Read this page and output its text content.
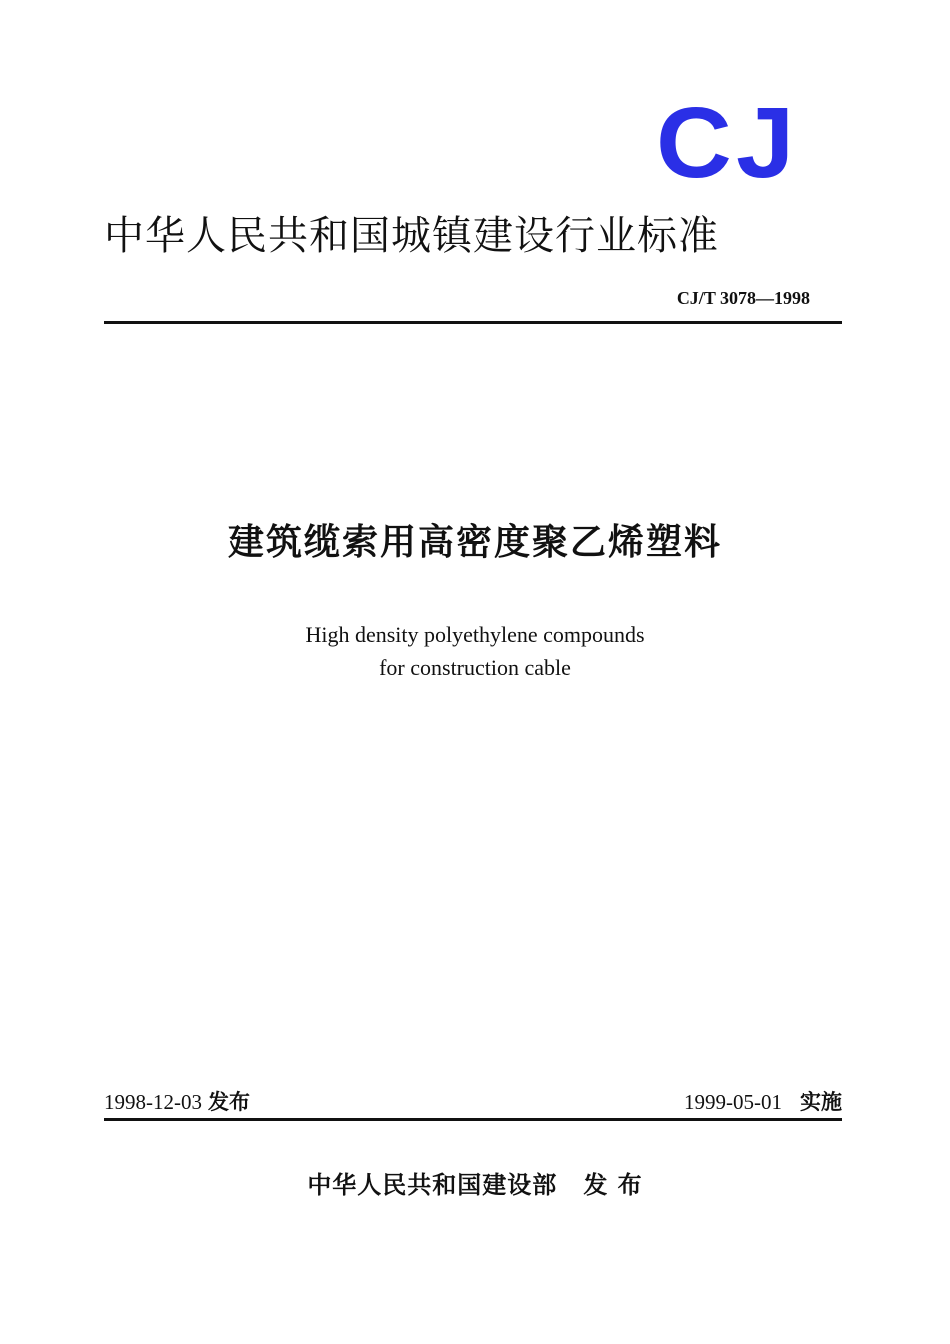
CJ
中华人民共和国城镇建设行业标准
CJ/T 3078—1998
建筑缆索用高密度聚乙烯塑料
High density polyethylene compounds
for construction cable
1998-12-03 发布	1999-05-01 实施
中华人民共和国建设部 发 布
